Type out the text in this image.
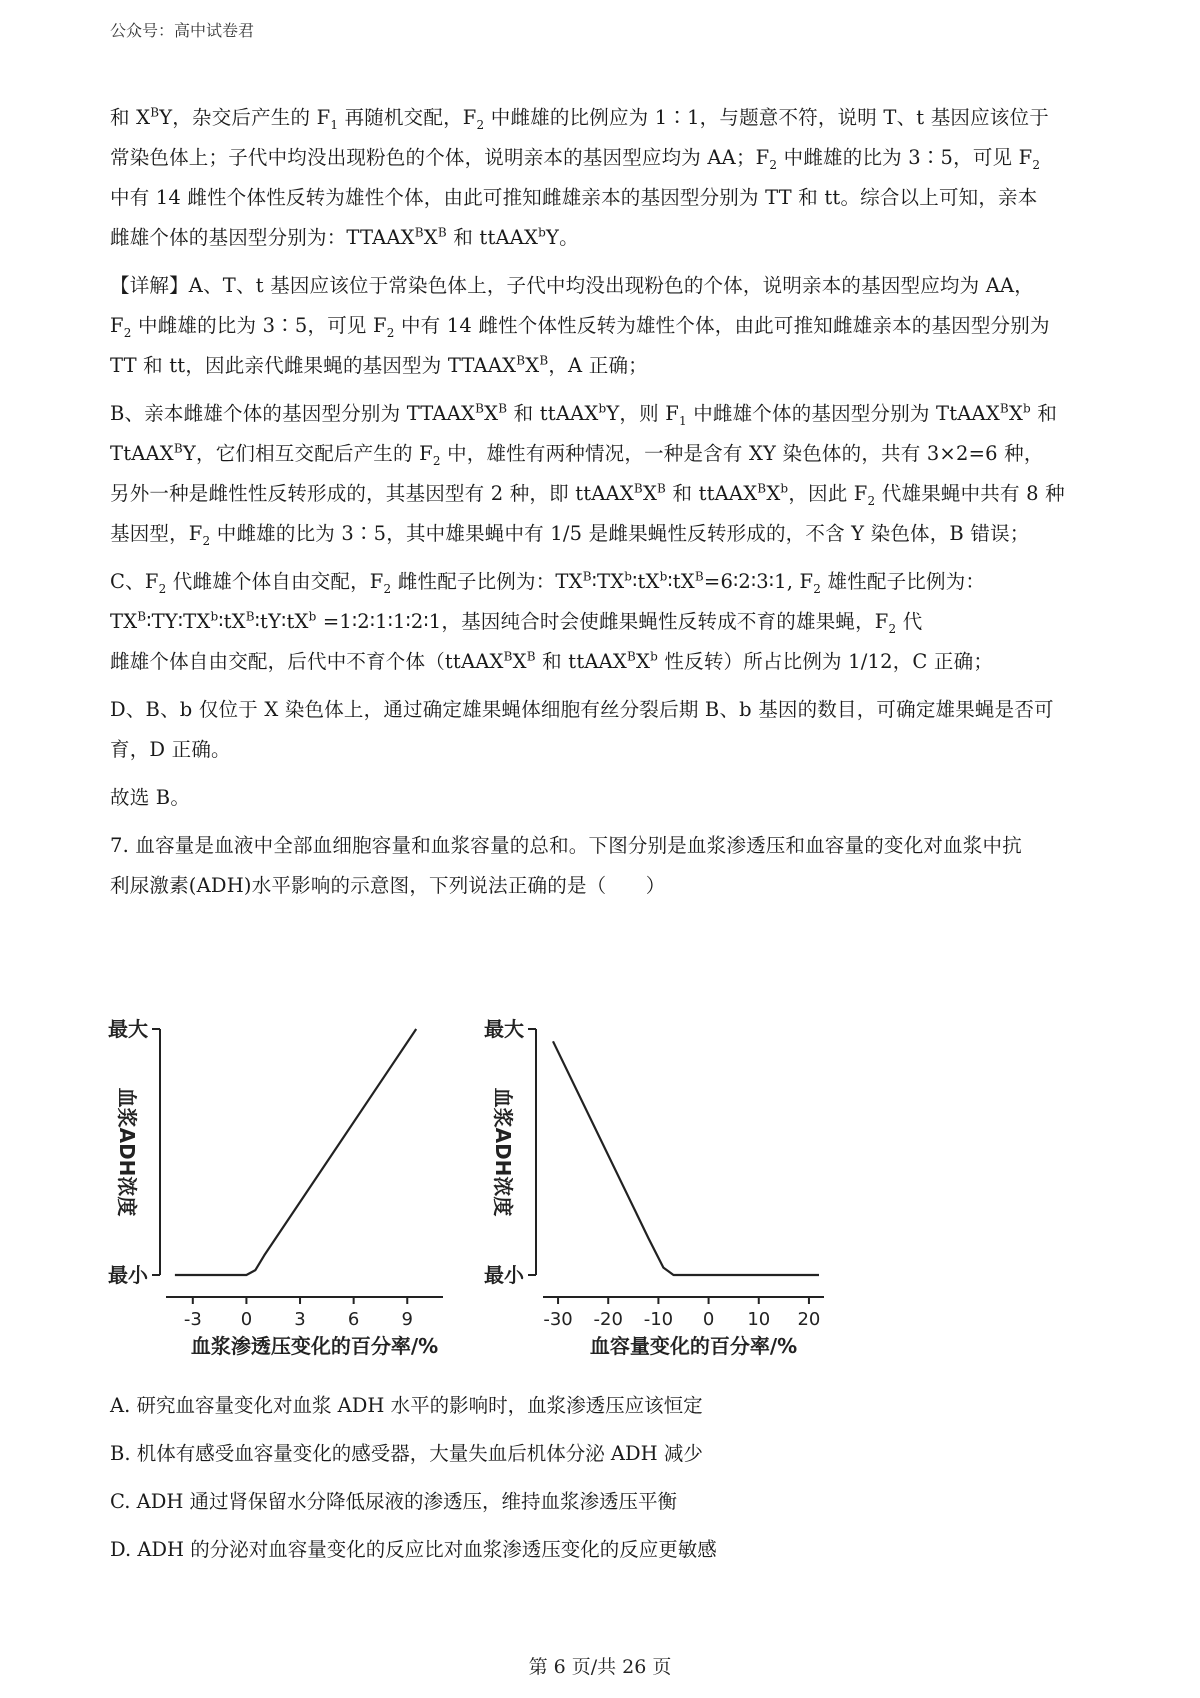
公众号：高中试卷君
和 $X^BY$，杂交后产生的 $F_1$ 再随机交配，$F_2$ 中雌雄的比例应为 1∶1，与题意不符，说明 T、t 基因应该位于
常染色体上；子代中均没出现粉色的个体，说明亲本的基因型应均为 AA；$F_2$ 中雌雄的比为 3∶5，可见 $F_2$
中有 14 雌性个体性反转为雄性个体，由此可推知雌雄亲本的基因型分别为 TT 和 tt。综合以上可知，亲本
雌雄个体的基因型分别为：$TTAAX^BX^B$ 和 ttAAX$^b$Y。
【详解】A、T、t 基因应该位于常染色体上，子代中均没出现粉色的个体，说明亲本的基因型应均为 AA，
$F_2$ 中雌雄的比为 3∶5，可见 $F_2$ 中有 14 雌性个体性反转为雄性个体，由此可推知雌雄亲本的基因型分别为
TT 和 tt，因此亲代雌果蝇的基因型为 $TTAAX^BX^B$，A 正确；
B、亲本雌雄个体的基因型分别为 $TTAAX^BX^B$ 和 ttAAX$^b$Y，则 $F_1$ 中雌雄个体的基因型分别为 $TtAAX^BX^b$ 和
TtAAX$^B$Y，它们相互交配后产生的 $F_2$ 中，雄性有两种情况，一种是含有 XY 染色体的，共有 3×2=6 种，
另外一种是雌性性反转形成的，其基因型有 2 种，即 $ttAAX^BX^B$ 和 $ttAAX^BX^b$，因此 $F_2$ 代雄果蝇中共有 8 种
基因型，$F_2$ 中雌雄的比为 3∶5，其中雄果蝇中有 1/5 是雌果蝇性反转形成的，不含 Y 染色体，B 错误；
C、$F_2$ 代雌雄个体自由交配，$F_2$ 雌性配子比例为：$TX^B∶TX^b∶tX^b∶tX^B=6∶2∶3∶1$, $F_2$ 雄性配子比例为：
$TX^B∶TY∶TX^b∶tX^B∶tY∶tX^b$ =1∶2∶1∶1∶2∶1，基因纯合时会使雌果蝇性反转成不育的雄果蝇，$F_2$ 代
雌雄个体自由交配，后代中不育个体（$ttAAX^BX^B$ 和 $ttAAX^BX^b$ 性反转）所占比例为 1/12，C 正确；
D、B、b 仅位于 X 染色体上，通过确定雄果蝇体细胞有丝分裂后期 B、b 基因的数目，可确定雄果蝇是否可
育，D 正确。
故选 B。
7. 血容量是血液中全部血细胞容量和血浆容量的总和。下图分别是血浆渗透压和血容量的变化对血浆中抗
利尿激素(ADH)水平影响的示意图，下列说法正确的是（　　）
最大
最小
血浆ADH浓度
-3 0 3 6 9
血浆渗透压变化的百分率/%
最大
最小
血浆ADH浓度
-30 -20 -10 0 10 20
血容量变化的百分率/%
A. 研究血容量变化对血浆 ADH 水平的影响时，血浆渗透压应该恒定
B. 机体有感受血容量变化的感受器，大量失血后机体分泌 ADH 减少
C. ADH 通过肾保留水分降低尿液的渗透压，维持血浆渗透压平衡
D. ADH 的分泌对血容量变化的反应比对血浆渗透压变化的反应更敏感
第 6 页/共 26 页
